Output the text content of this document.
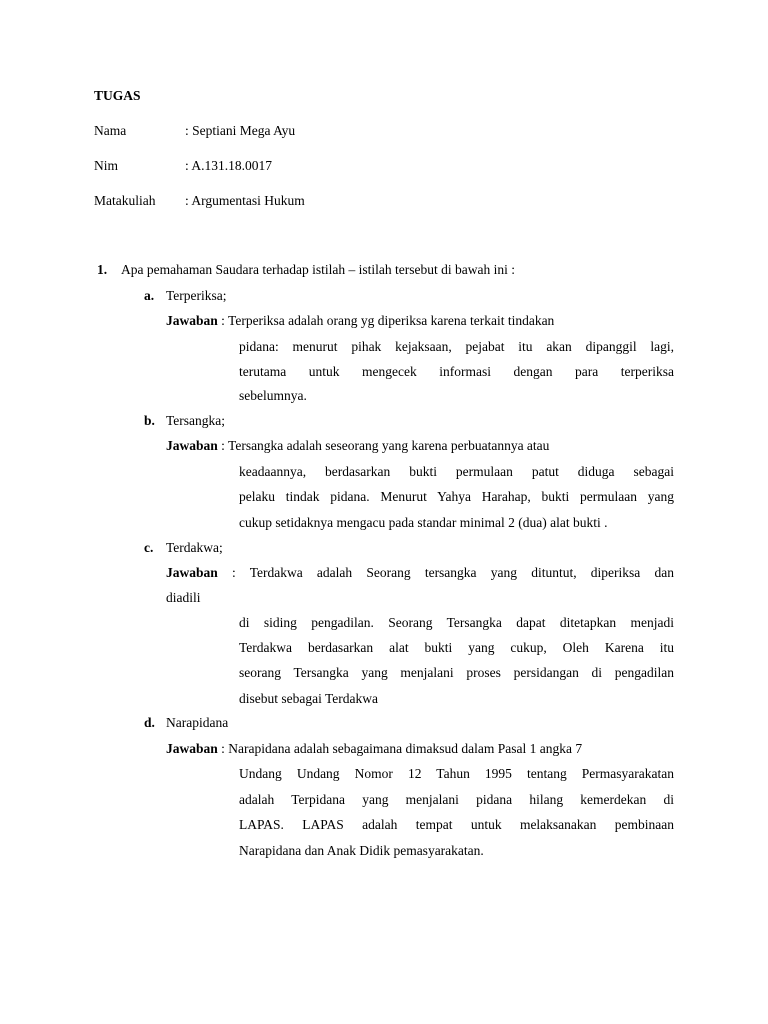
TUGAS
Nama	: Septiani Mega Ayu
Nim	: A.131.18.0017
Matakuliah : Argumentasi Hukum
1. Apa pemahaman Saudara terhadap istilah – istilah tersebut di bawah ini :
a. Terperiksa;
Jawaban : Terperiksa adalah orang yg diperiksa karena terkait tindakan
pidana: menurut pihak kejaksaan, pejabat itu akan dipanggil lagi,
terutama untuk mengecek informasi dengan para terperiksa
sebelumnya.
b. Tersangka;
Jawaban : Tersangka adalah seseorang yang karena perbuatannya atau
keadaannya, berdasarkan bukti permulaan patut diduga sebagai
pelaku tindak pidana. Menurut Yahya Harahap, bukti permulaan yang
cukup setidaknya mengacu pada standar minimal 2 (dua) alat bukti .
c. Terdakwa;
Jawaban : Terdakwa adalah Seorang tersangka yang dituntut, diperiksa dan
diadili
di siding pengadilan. Seorang Tersangka dapat ditetapkan menjadi
Terdakwa berdasarkan alat bukti yang cukup, Oleh Karena itu
seorang Tersangka yang menjalani proses persidangan di pengadilan
disebut sebagai Terdakwa
d. Narapidana
Jawaban : Narapidana adalah sebagaimana dimaksud dalam Pasal 1 angka 7
Undang Undang Nomor 12 Tahun 1995 tentang Permasyarakatan
adalah Terpidana yang menjalani pidana hilang kemerdekan di
LAPAS. LAPAS adalah tempat untuk melaksanakan pembinaan
Narapidana dan Anak Didik pemasyarakatan.
